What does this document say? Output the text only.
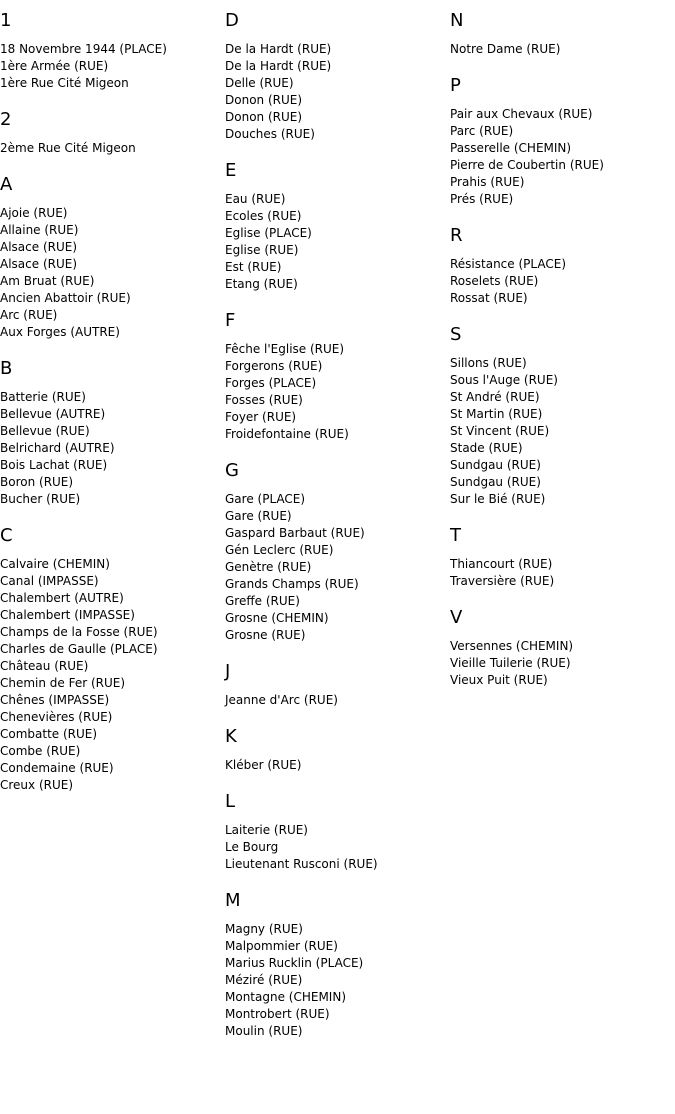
1
18 Novembre 1944 (PLACE)
1ère Armée (RUE)
1ère Rue Cité Migeon
2
2ème Rue Cité Migeon
A
Ajoie (RUE)
Allaine (RUE)
Alsace (RUE)
Alsace (RUE)
Am Bruat (RUE)
Ancien Abattoir (RUE)
Arc (RUE)
Aux Forges (AUTRE)
B
Batterie (RUE)
Bellevue (AUTRE)
Bellevue (RUE)
Belrichard (AUTRE)
Bois Lachat (RUE)
Boron (RUE)
Bucher (RUE)
C
Calvaire (CHEMIN)
Canal (IMPASSE)
Chalembert (AUTRE)
Chalembert (IMPASSE)
Champs de la Fosse (RUE)
Charles de Gaulle (PLACE)
Château (RUE)
Chemin de Fer (RUE)
Chênes (IMPASSE)
Chenevières (RUE)
Combatte (RUE)
Combe (RUE)
Condemaine (RUE)
Creux (RUE)
D
De la Hardt (RUE)
De la Hardt (RUE)
Delle (RUE)
Donon (RUE)
Donon (RUE)
Douches (RUE)
E
Eau (RUE)
Ecoles (RUE)
Eglise (PLACE)
Eglise (RUE)
Est (RUE)
Etang (RUE)
F
Fêche l'Eglise (RUE)
Forgerons (RUE)
Forges (PLACE)
Fosses (RUE)
Foyer (RUE)
Froidefontaine (RUE)
G
Gare (PLACE)
Gare (RUE)
Gaspard Barbaut (RUE)
Gén Leclerc (RUE)
Genètre (RUE)
Grands Champs (RUE)
Greffe (RUE)
Grosne (CHEMIN)
Grosne (RUE)
J
Jeanne d'Arc (RUE)
K
Kléber (RUE)
L
Laiterie (RUE)
Le Bourg
Lieutenant Rusconi (RUE)
M
Magny (RUE)
Malpommier (RUE)
Marius Rucklin (PLACE)
Méziré (RUE)
Montagne (CHEMIN)
Montrobert (RUE)
Moulin (RUE)
N
Notre Dame (RUE)
P
Pair aux Chevaux (RUE)
Parc (RUE)
Passerelle (CHEMIN)
Pierre de Coubertin (RUE)
Prahis (RUE)
Prés (RUE)
R
Résistance (PLACE)
Roselets (RUE)
Rossat (RUE)
S
Sillons (RUE)
Sous l'Auge (RUE)
St André (RUE)
St Martin (RUE)
St Vincent (RUE)
Stade (RUE)
Sundgau (RUE)
Sundgau (RUE)
Sur le Bié (RUE)
T
Thiancourt (RUE)
Traversière (RUE)
V
Versennes (CHEMIN)
Vieille Tuilerie (RUE)
Vieux Puit (RUE)
